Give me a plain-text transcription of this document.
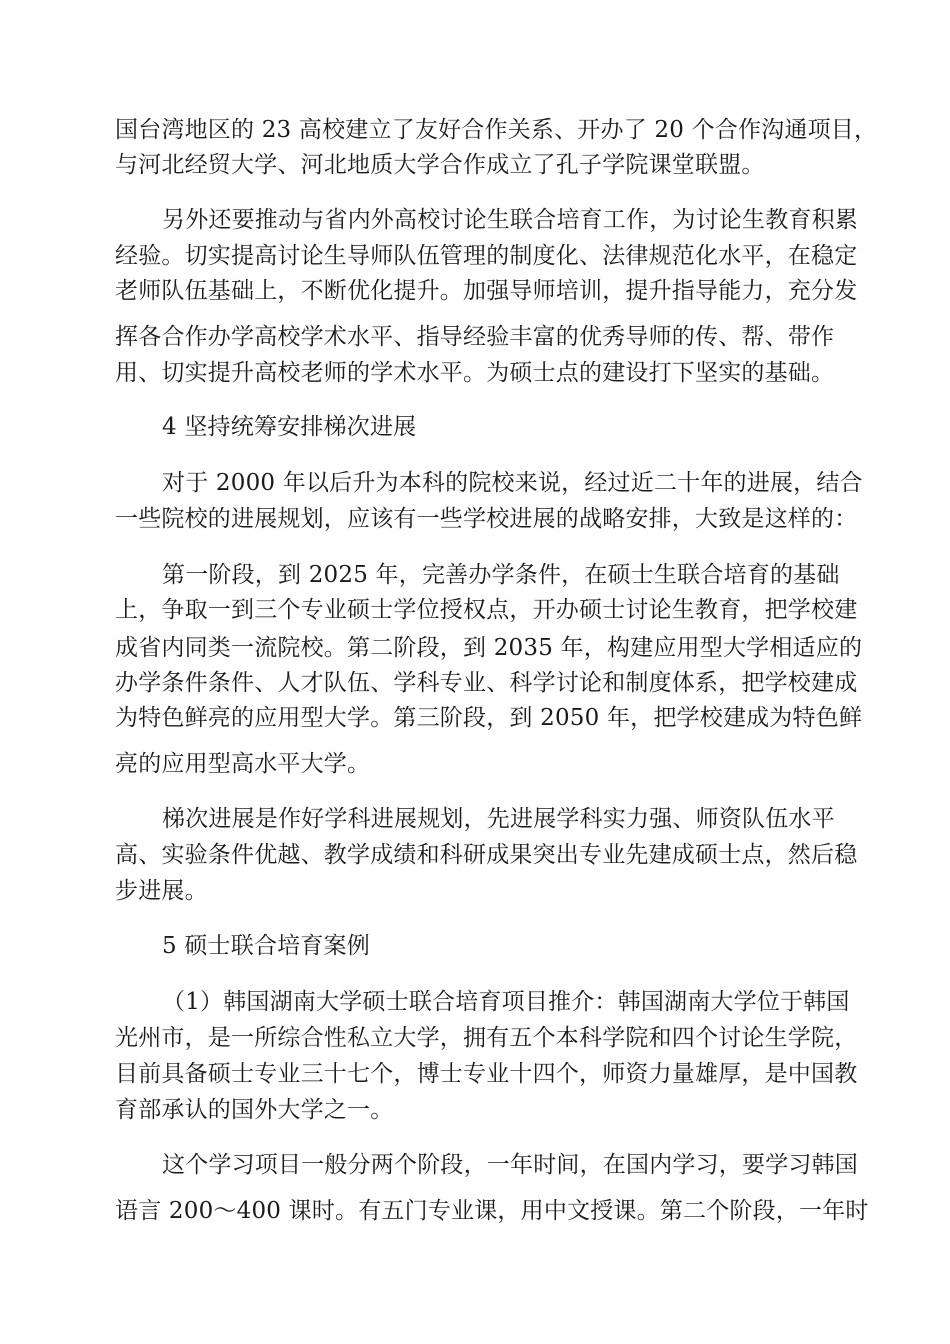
国台湾地区的 23 高校建立了友好合作关系、开办了 20 个合作沟通项目，
与河北经贸大学、河北地质大学合作成立了孔子学院课堂联盟。
另外还要推动与省内外高校讨论生联合培育工作，为讨论生教育积累
经验。切实提高讨论生导师队伍管理的制度化、法律规范化水平，在稳定
老师队伍基础上，不断优化提升。加强导师培训，提升指导能力，充分发
挥各合作办学高校学术水平、指导经验丰富的优秀导师的传、帮、带作
用、切实提升高校老师的学术水平。为硕士点的建设打下坚实的基础。
4 坚持统筹安排梯次进展
对于 2000 年以后升为本科的院校来说，经过近二十年的进展，结合
一些院校的进展规划，应该有一些学校进展的战略安排，大致是这样的：
第一阶段，到 2025 年，完善办学条件，在硕士生联合培育的基础
上，争取一到三个专业硕士学位授权点，开办硕士讨论生教育，把学校建
成省内同类一流院校。第二阶段，到 2035 年，构建应用型大学相适应的
办学条件条件、人才队伍、学科专业、科学讨论和制度体系，把学校建成
为特色鲜亮的应用型大学。第三阶段，到 2050 年，把学校建成为特色鲜
亮的应用型高水平大学。
梯次进展是作好学科进展规划，先进展学科实力强、师资队伍水平
高、实验条件优越、教学成绩和科研成果突出专业先建成硕士点，然后稳
步进展。
5 硕士联合培育案例
（1）韩国湖南大学硕士联合培育项目推介：韩国湖南大学位于韩国
光州市，是一所综合性私立大学，拥有五个本科学院和四个讨论生学院，
目前具备硕士专业三十七个，博士专业十四个，师资力量雄厚，是中国教
育部承认的国外大学之一。
这个学习项目一般分两个阶段，一年时间，在国内学习，要学习韩国
语言 200～400 课时。有五门专业课，用中文授课。第二个阶段，一年时
